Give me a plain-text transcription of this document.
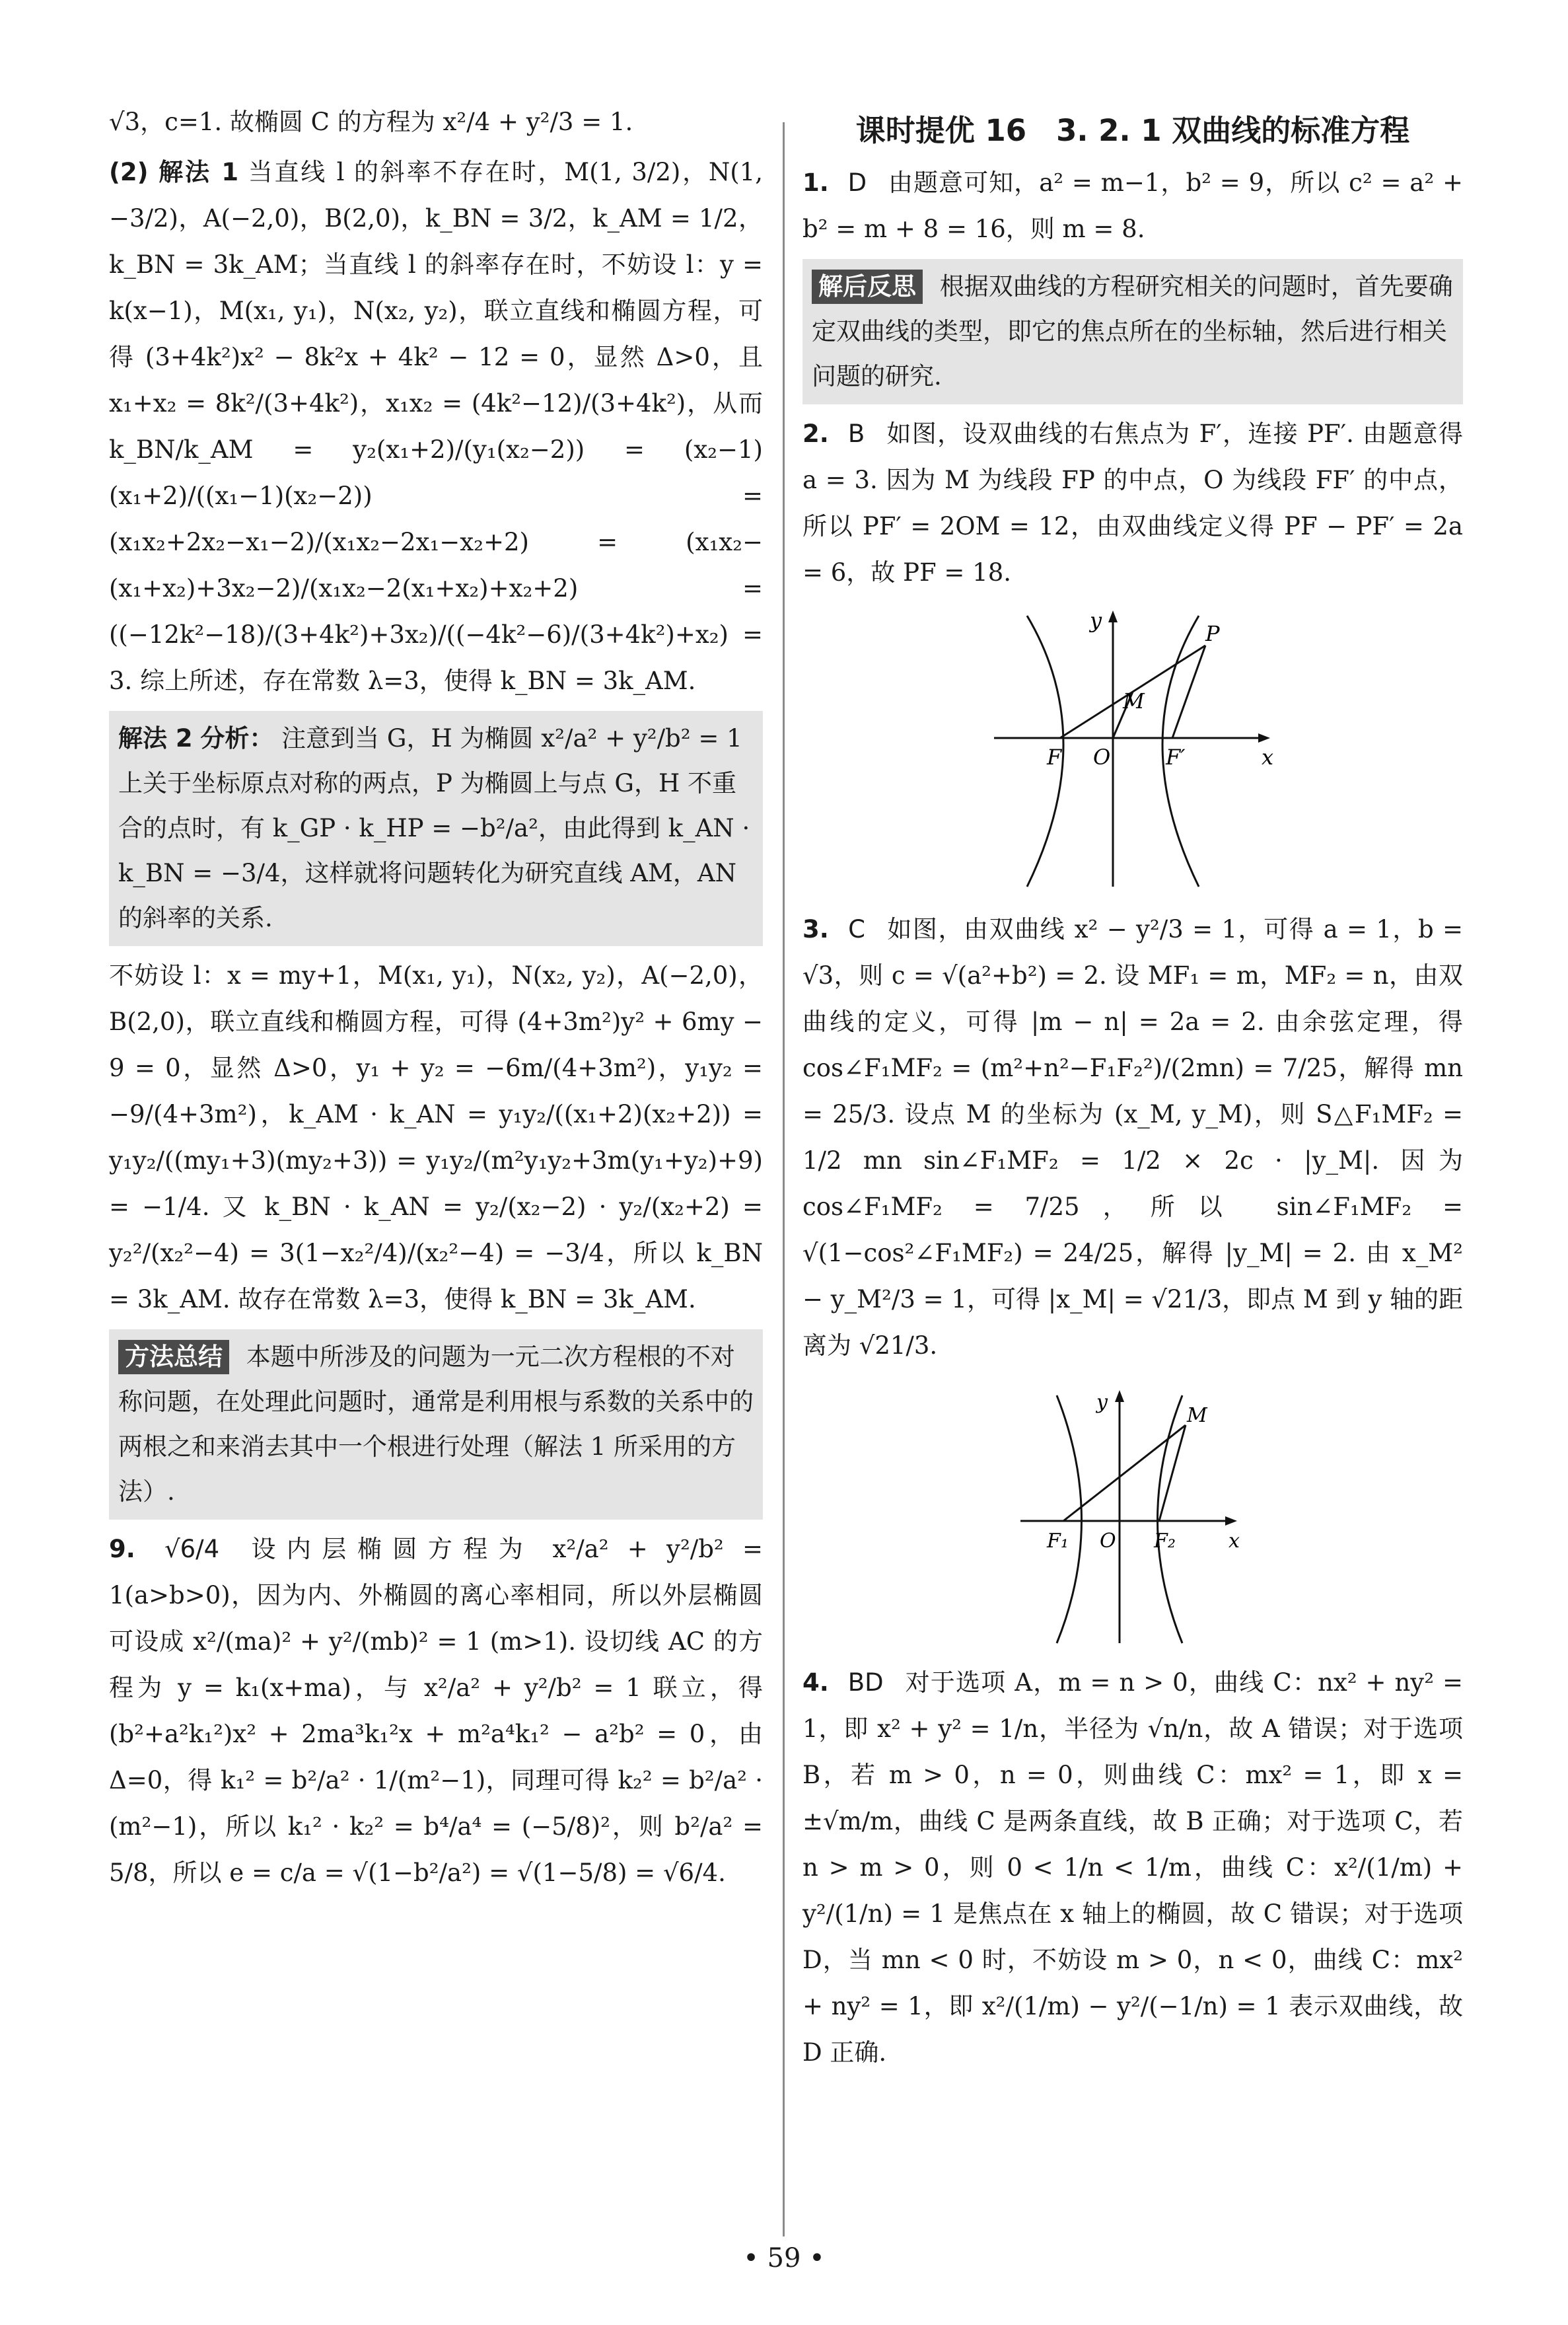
√3，c=1. 故椭圆 C 的方程为 x²/4 + y²/3 = 1.

(2) 解法 1 当直线 l 的斜率不存在时，M(1, 3/2)，N(1, −3/2)，A(−2,0)，B(2,0)，k_BN = 3/2，k_AM = 1/2，k_BN = 3k_AM；当直线 l 的斜率存在时，不妨设 l：y = k(x−1)，M(x₁, y₁)，N(x₂, y₂)，联立直线和椭圆方程，可得 (3+4k²)x² − 8k²x + 4k² − 12 = 0，显然 Δ>0，且 x₁+x₂ = 8k²/(3+4k²)，x₁x₂ = (4k²−12)/(3+4k²)，从而 k_BN/k_AM = y₂(x₁+2)/(y₁(x₂−2)) = (x₂−1)(x₁+2)/((x₁−1)(x₂−2)) = (x₁x₂+2x₂−x₁−2)/(x₁x₂−2x₁−x₂+2) = (x₁x₂−(x₁+x₂)+3x₂−2)/(x₁x₂−2(x₁+x₂)+x₂+2) = ((−12k²−18)/(3+4k²)+3x₂)/((−4k²−6)/(3+4k²)+x₂) = 3. 综上所述，存在常数 λ=3，使得 k_BN = 3k_AM.

解法 2 分析： 注意到当 G，H 为椭圆 x²/a² + y²/b² = 1 上关于坐标原点对称的两点，P 为椭圆上与点 G，H 不重合的点时，有 k_GP · k_HP = −b²/a²，由此得到 k_AN · k_BN = −3/4，这样就将问题转化为研究直线 AM，AN 的斜率的关系.

不妨设 l：x = my+1，M(x₁, y₁)，N(x₂, y₂)，A(−2,0)，B(2,0)，联立直线和椭圆方程，可得 (4+3m²)y² + 6my − 9 = 0，显然 Δ>0，y₁ + y₂ = −6m/(4+3m²)，y₁y₂ = −9/(4+3m²)，k_AM · k_AN = y₁y₂/((x₁+2)(x₂+2)) = y₁y₂/((my₁+3)(my₂+3)) = y₁y₂/(m²y₁y₂+3m(y₁+y₂)+9) = −1/4. 又 k_BN · k_AN = y₂/(x₂−2) · y₂/(x₂+2) = y₂²/(x₂²−4) = 3(1−x₂²/4)/(x₂²−4) = −3/4，所以 k_BN = 3k_AM. 故存在常数 λ=3，使得 k_BN = 3k_AM.

方法总结 本题中所涉及的问题为一元二次方程根的不对称问题，在处理此问题时，通常是利用根与系数的关系中的两根之和来消去其中一个根进行处理（解法 1 所采用的方法）.

9. √6/4 设内层椭圆方程为 x²/a² + y²/b² = 1(a>b>0)，因为内、外椭圆的离心率相同，所以外层椭圆可设成 x²/(ma)² + y²/(mb)² = 1 (m>1). 设切线 AC 的方程为 y = k₁(x+ma)，与 x²/a² + y²/b² = 1 联立，得 (b²+a²k₁²)x² + 2ma³k₁²x + m²a⁴k₁² − a²b² = 0，由 Δ=0，得 k₁² = b²/a² · 1/(m²−1)，同理可得 k₂² = b²/a² · (m²−1)，所以 k₁² · k₂² = b⁴/a⁴ = (−5/8)²，则 b²/a² = 5/8，所以 e = c/a = √(1−b²/a²) = √(1−5/8) = √6/4.

课时提优 16　3. 2. 1 双曲线的标准方程

1. D 由题意可知，a² = m−1，b² = 9，所以 c² = a² + b² = m + 8 = 16，则 m = 8.

解后反思 根据双曲线的方程研究相关的问题时，首先要确定双曲线的类型，即它的焦点所在的坐标轴，然后进行相关问题的研究.

2. B 如图，设双曲线的右焦点为 F′，连接 PF′. 由题意得 a = 3. 因为 M 为线段 FP 的中点，O 为线段 FF′ 的中点，所以 PF′ = 2OM = 12，由双曲线定义得 PF − PF′ = 2a = 6，故 PF = 18.

P
M
F O	F′	x
y

3. C 如图，由双曲线 x² − y²/3 = 1，可得 a = 1，b = √3，则 c = √(a²+b²) = 2. 设 MF₁ = m，MF₂ = n，由双曲线的定义，可得 |m − n| = 2a = 2. 由余弦定理，得 cos∠F₁MF₂ = (m²+n²−F₁F₂²)/(2mn) = 7/25，解得 mn = 25/3. 设点 M 的坐标为 (x_M, y_M)，则 S△F₁MF₂ = 1/2 mn sin∠F₁MF₂ = 1/2 × 2c · |y_M|. 因为 cos∠F₁MF₂ = 7/25，所以 sin∠F₁MF₂ = √(1−cos²∠F₁MF₂) = 24/25，解得 |y_M| = 2. 由 x_M² − y_M²/3 = 1，可得 |x_M| = √21/3，即点 M 到 y 轴的距离为 √21/3.

M
F₁ O F₂	x
y

4. BD 对于选项 A，m = n > 0，曲线 C：nx² + ny² = 1，即 x² + y² = 1/n，半径为 √n/n，故 A 错误；对于选项 B，若 m > 0，n = 0，则曲线 C：mx² = 1，即 x = ±√m/m，曲线 C 是两条直线，故 B 正确；对于选项 C，若 n > m > 0，则 0 < 1/n < 1/m，曲线 C：x²/(1/m) + y²/(1/n) = 1 是焦点在 x 轴上的椭圆，故 C 错误；对于选项 D，当 mn < 0 时，不妨设 m > 0，n < 0，曲线 C：mx² + ny² = 1，即 x²/(1/m) − y²/(−1/n) = 1 表示双曲线，故 D 正确.

• 59 •
